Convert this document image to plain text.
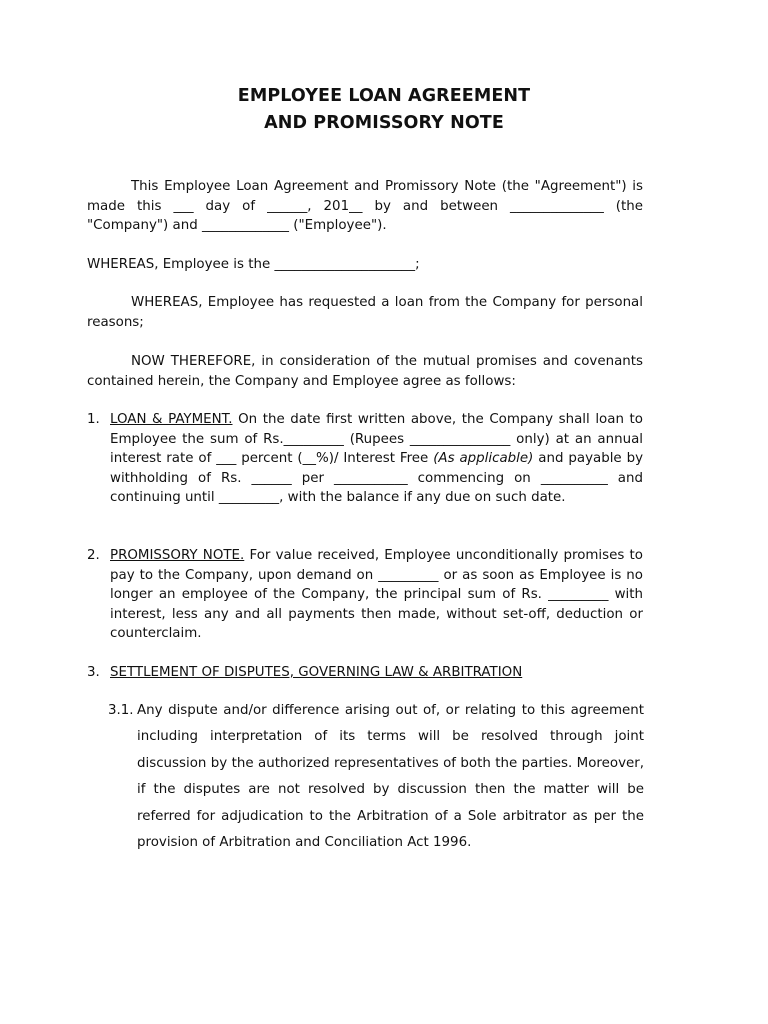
EMPLOYEE LOAN AGREEMENT
AND PROMISSORY NOTE
This Employee Loan Agreement and Promissory Note (the "Agreement") is made this ___ day of ______, 201__ by and between ______________ (the "Company") and _____________ ("Employee").
WHEREAS, Employee is the _____________________;
WHEREAS, Employee has requested a loan from the Company for personal reasons;
NOW THEREFORE, in consideration of the mutual promises and covenants contained herein, the Company and Employee agree as follows:
1. LOAN & PAYMENT. On the date first written above, the Company shall loan to Employee the sum of Rs._________ (Rupees _______________ only) at an annual interest rate of ___ percent (__%)/ Interest Free (As applicable) and payable by withholding of Rs. ______ per ___________ commencing on __________ and continuing until _________, with the balance if any due on such date.
2. PROMISSORY NOTE. For value received, Employee unconditionally promises to pay to the Company, upon demand on _________ or as soon as Employee is no longer an employee of the Company, the principal sum of Rs. _________ with interest, less any and all payments then made, without set-off, deduction or counterclaim.
3. SETTLEMENT OF DISPUTES, GOVERNING LAW & ARBITRATION
3.1. Any dispute and/or difference arising out of, or relating to this agreement including interpretation of its terms will be resolved through joint discussion by the authorized representatives of both the parties. Moreover, if the disputes are not resolved by discussion then the matter will be referred for adjudication to the Arbitration of a Sole arbitrator as per the provision of Arbitration and Conciliation Act 1996.
